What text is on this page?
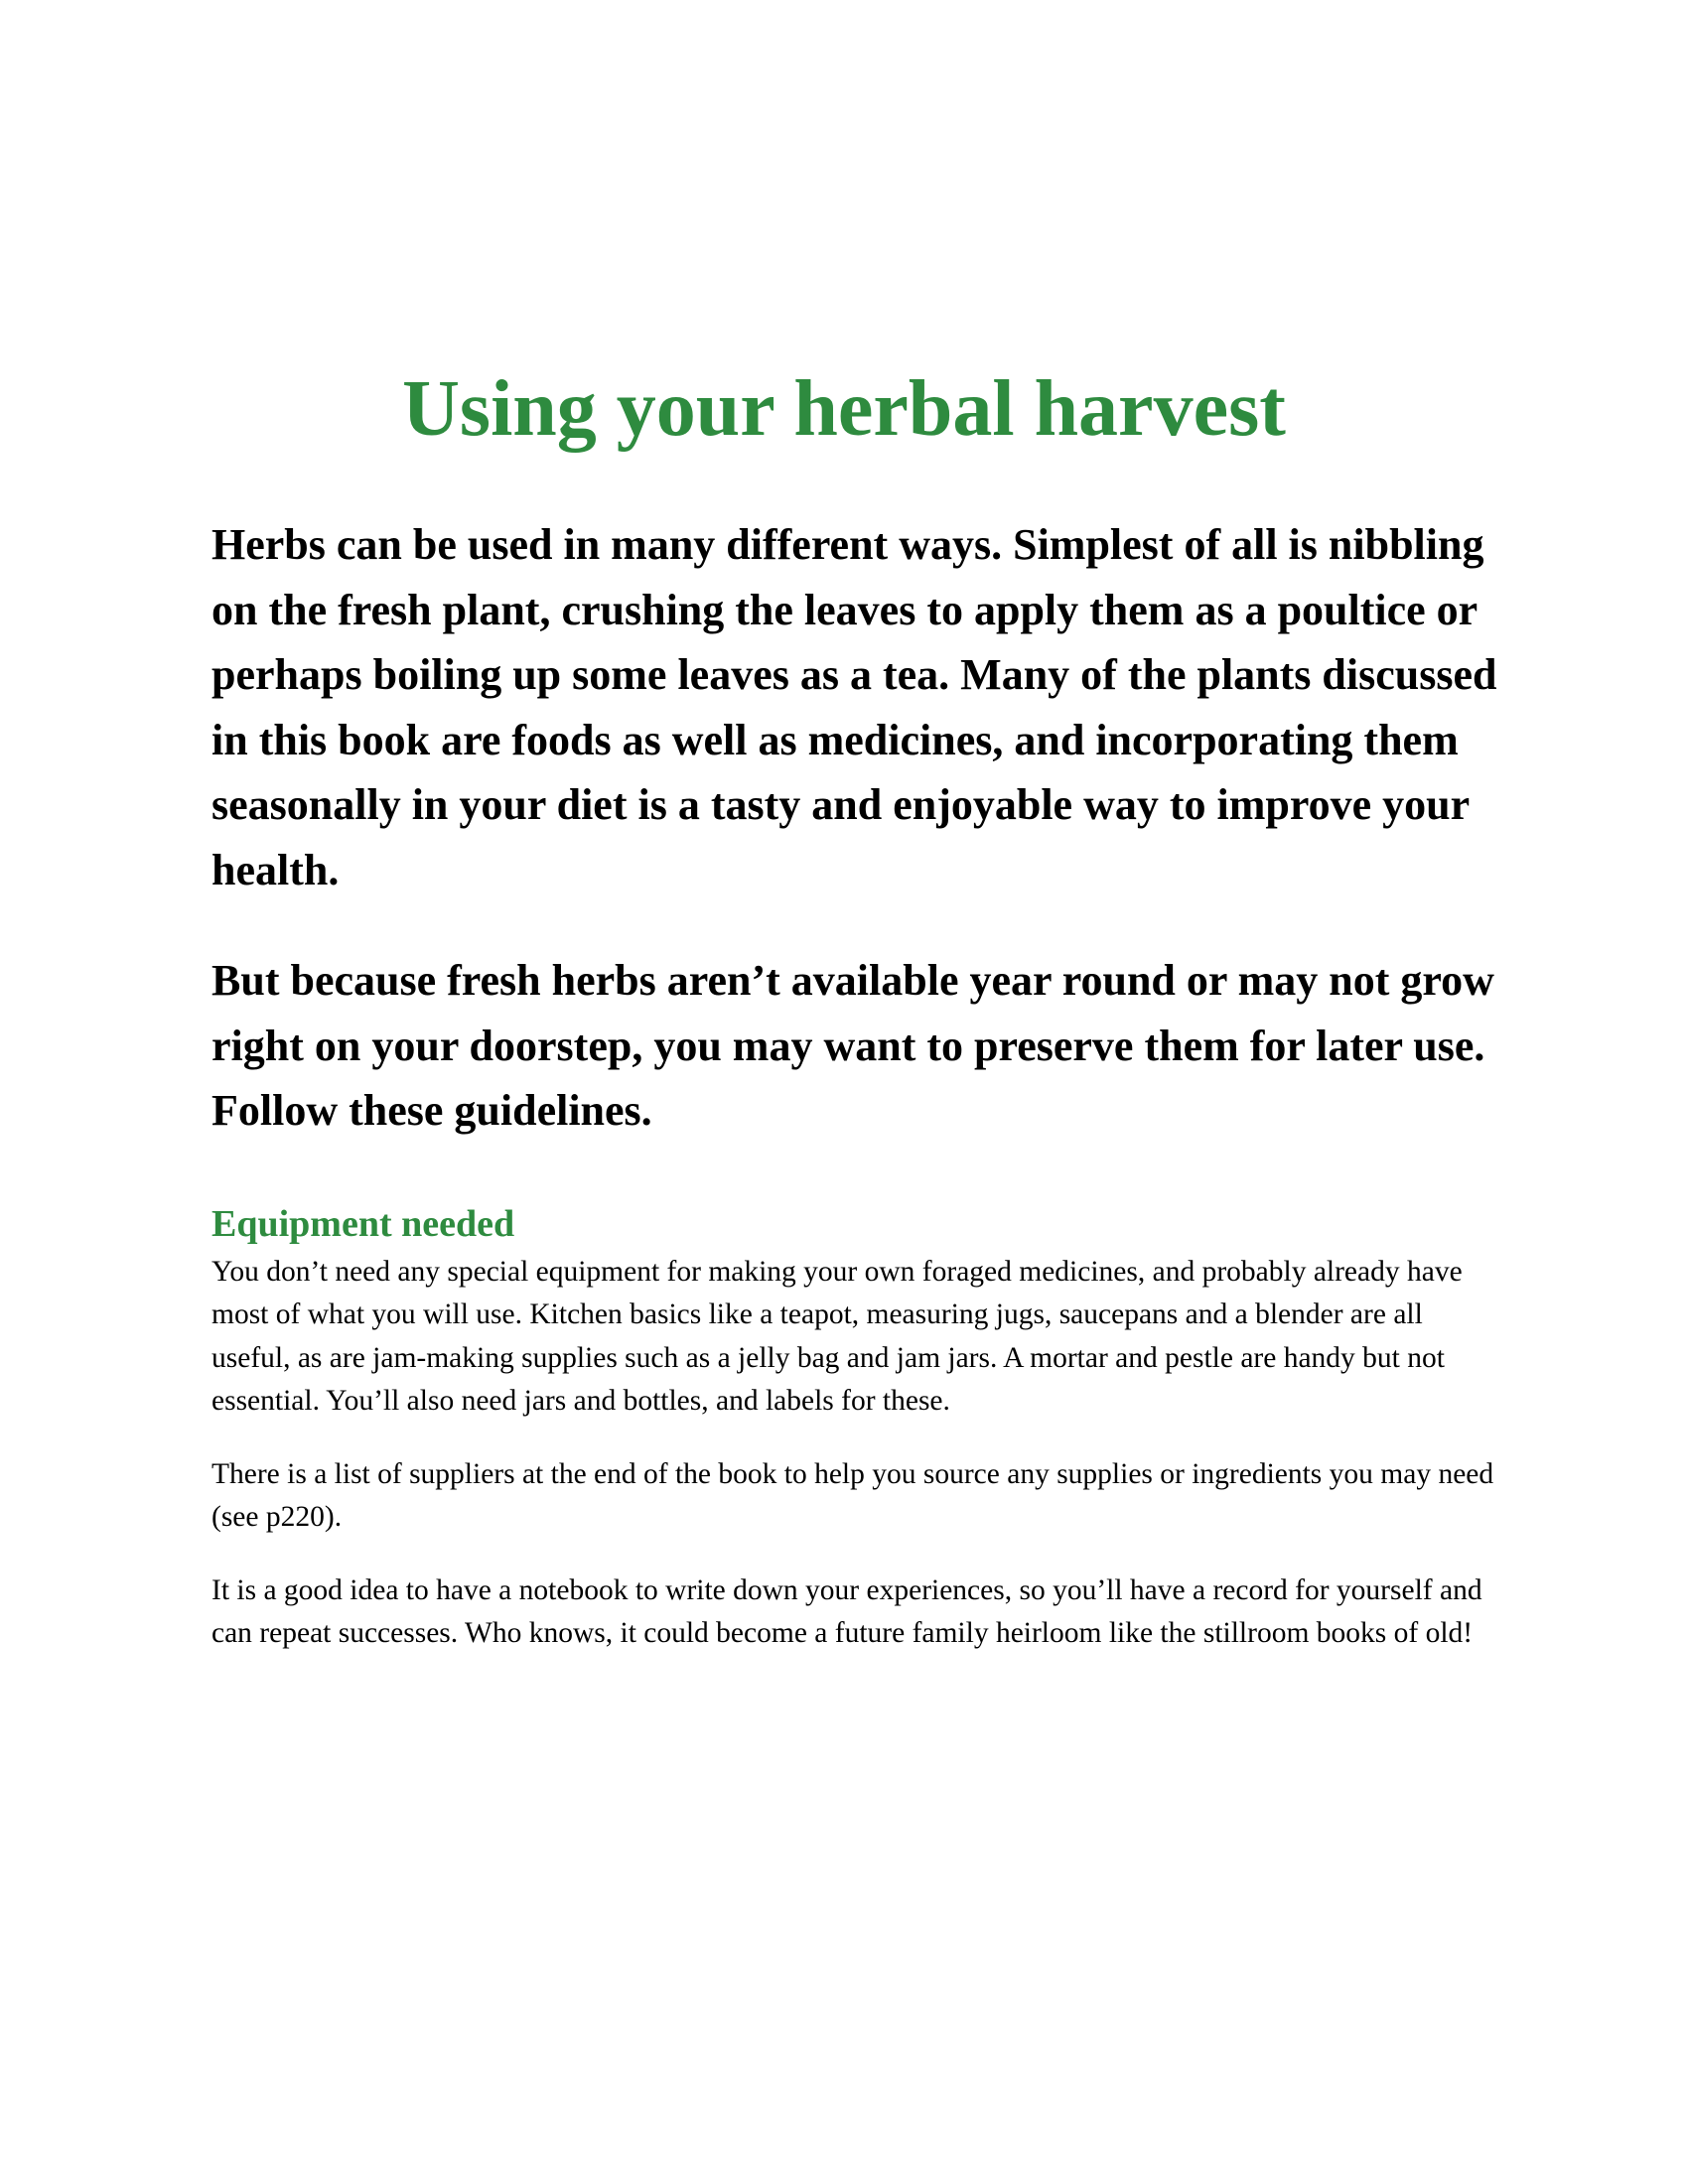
Using your herbal harvest

Herbs can be used in many different ways. Simplest of all is nibbling on the fresh plant, crushing the leaves to apply them as a poultice or perhaps boiling up some leaves as a tea. Many of the plants discussed in this book are foods as well as medicines, and incorporating them seasonally in your diet is a tasty and enjoyable way to improve your health.

But because fresh herbs aren’t available year round or may not grow right on your doorstep, you may want to preserve them for later use. Follow these guidelines.

Equipment needed

You don’t need any special equipment for making your own foraged medicines, and probably already have most of what you will use. Kitchen basics like a teapot, measuring jugs, saucepans and a blender are all useful, as are jam-making supplies such as a jelly bag and jam jars. A mortar and pestle are handy but not essential. You’ll also need jars and bottles, and labels for these.

There is a list of suppliers at the end of the book to help you source any supplies or ingredients you may need (see p220).

It is a good idea to have a notebook to write down your experiences, so you’ll have a record for yourself and can repeat successes. Who knows, it could become a future family heirloom like the stillroom books of old!
